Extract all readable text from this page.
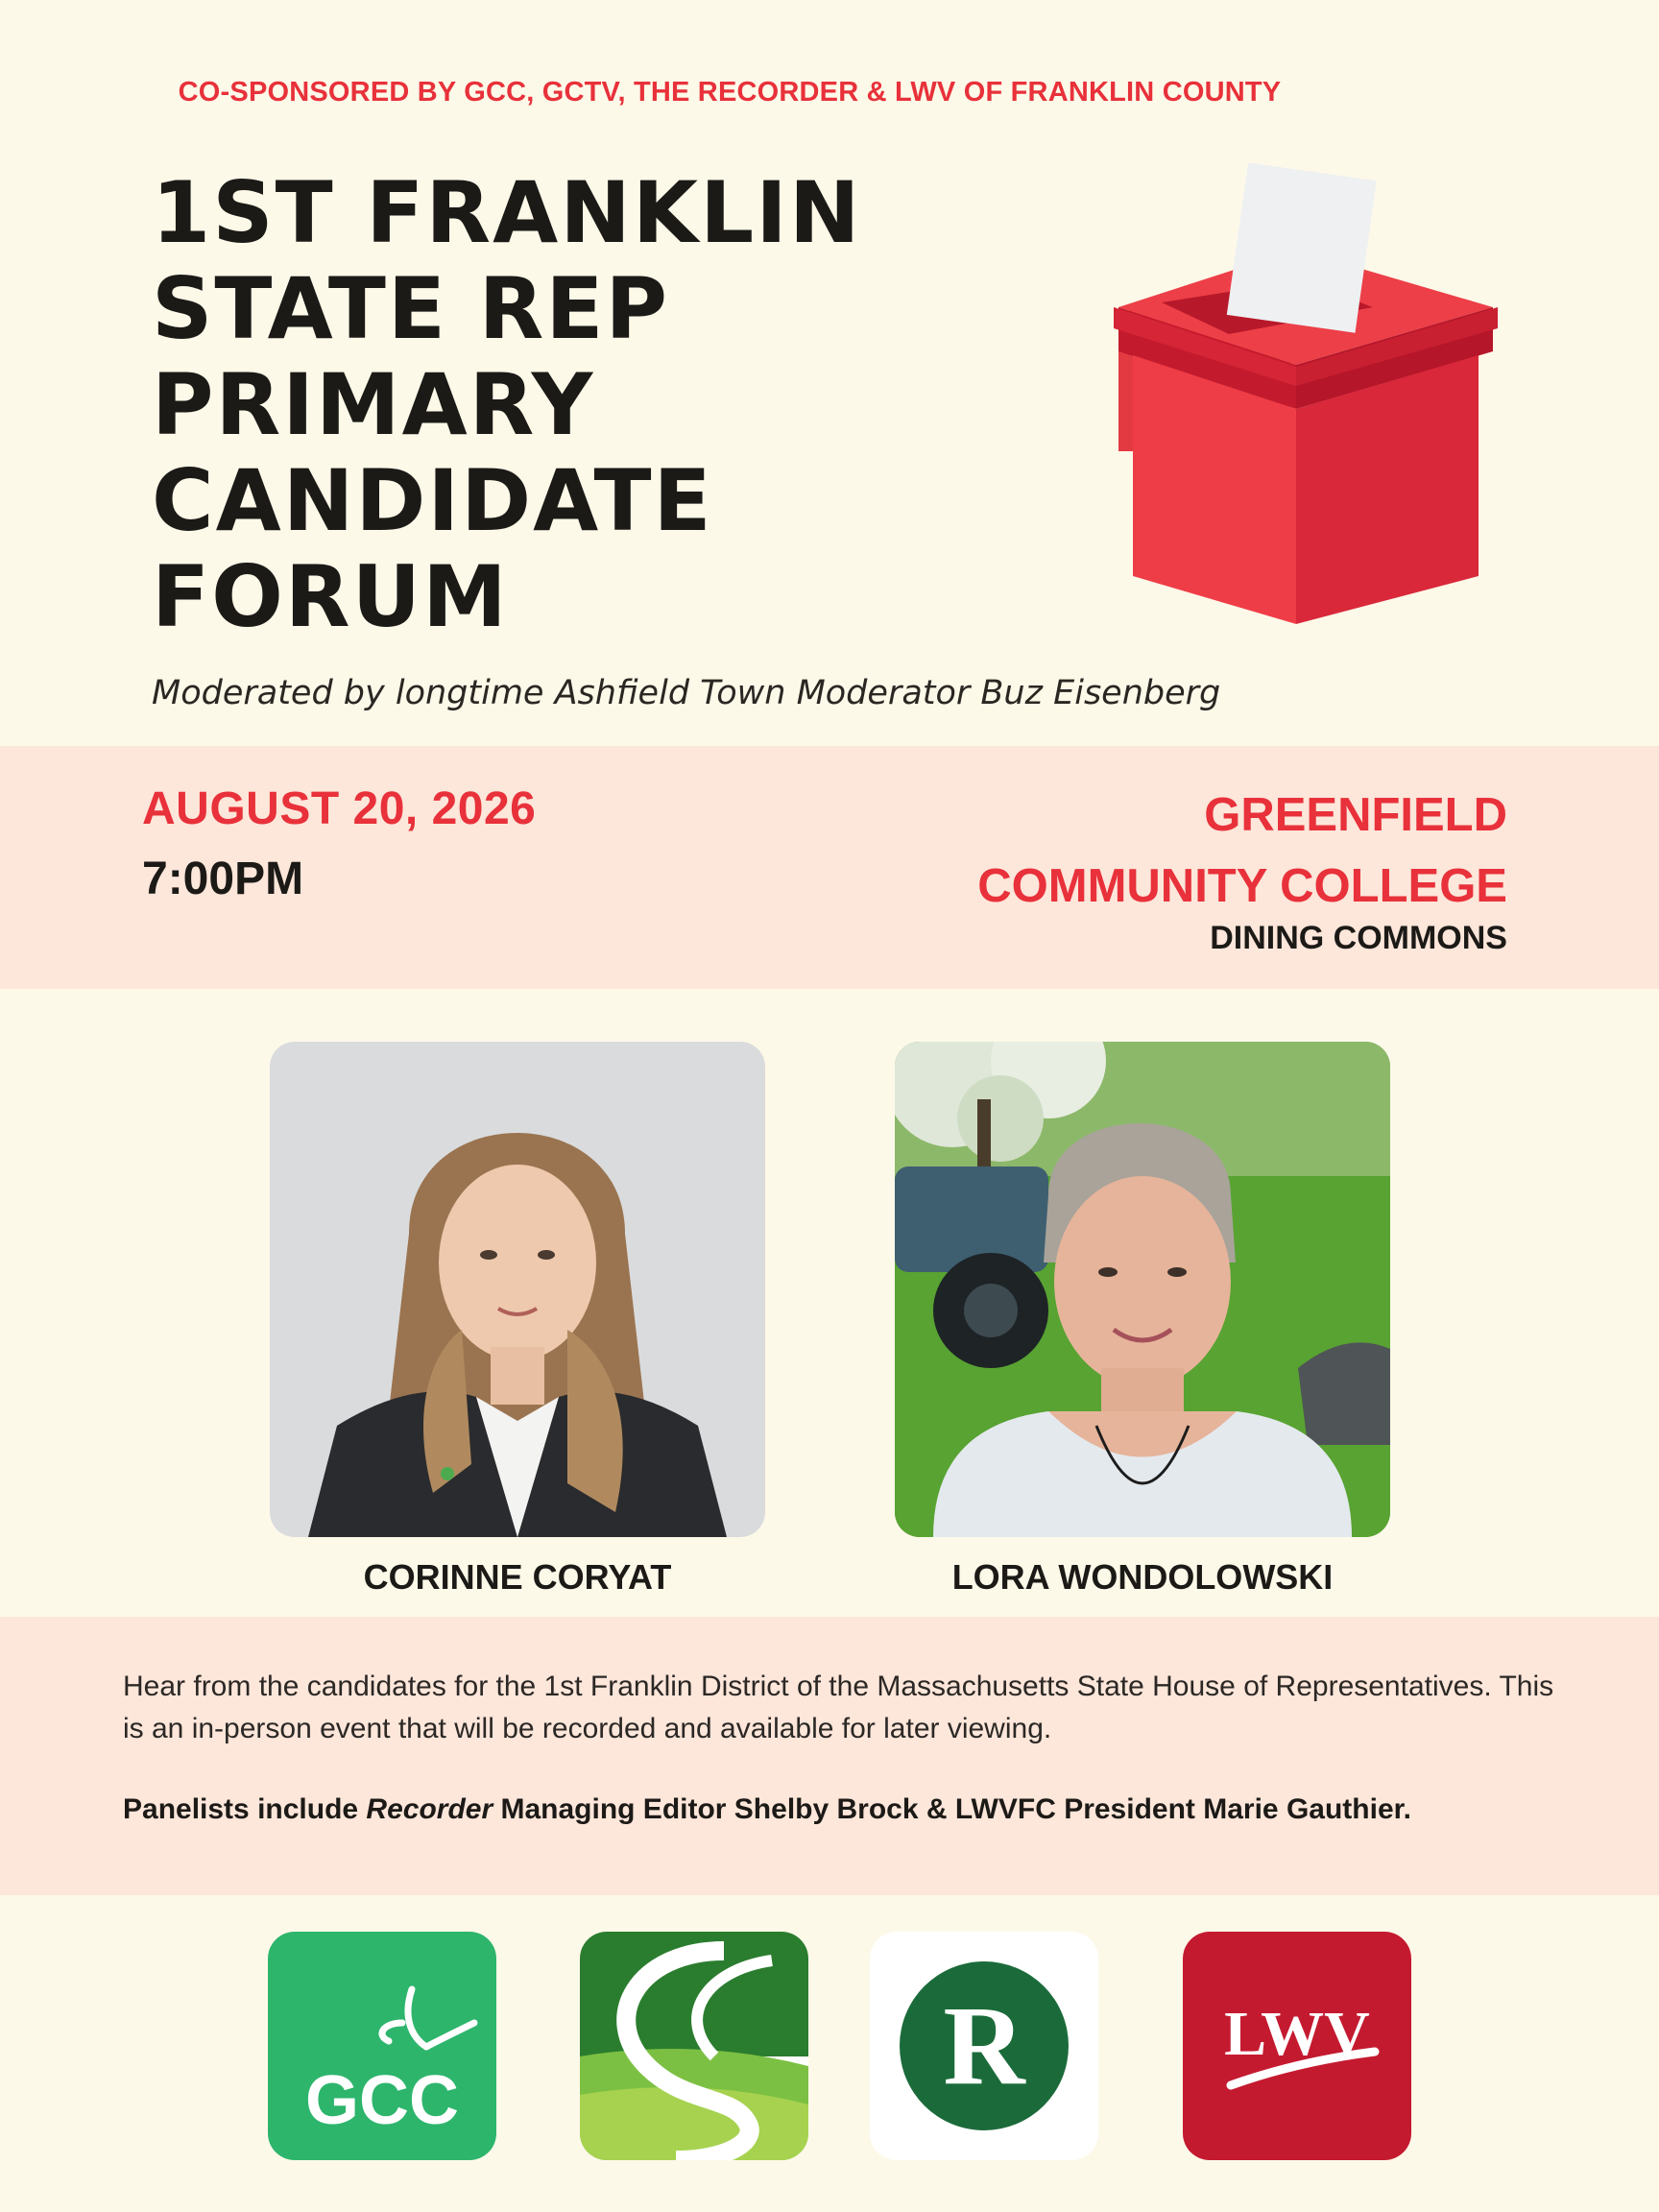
CO-SPONSORED BY GCC, GCTV, THE RECORDER & LWV OF FRANKLIN COUNTY
1ST FRANKLIN
STATE REP
PRIMARY
CANDIDATE
FORUM
Moderated by longtime Ashfield Town Moderator Buz Eisenberg
AUGUST 20, 2026
7:00PM
GREENFIELD
COMMUNITY COLLEGE
DINING COMMONS
CORINNE CORYAT	LORA WONDOLOWSKI
Hear from the candidates for the 1st Franklin District of the Massachusetts State House of Representatives. This is an in-person event that will be recorded and available for later viewing.
Panelists include Recorder Managing Editor Shelby Brock & LWVFC President Marie Gauthier.
GCC	R	LWV
